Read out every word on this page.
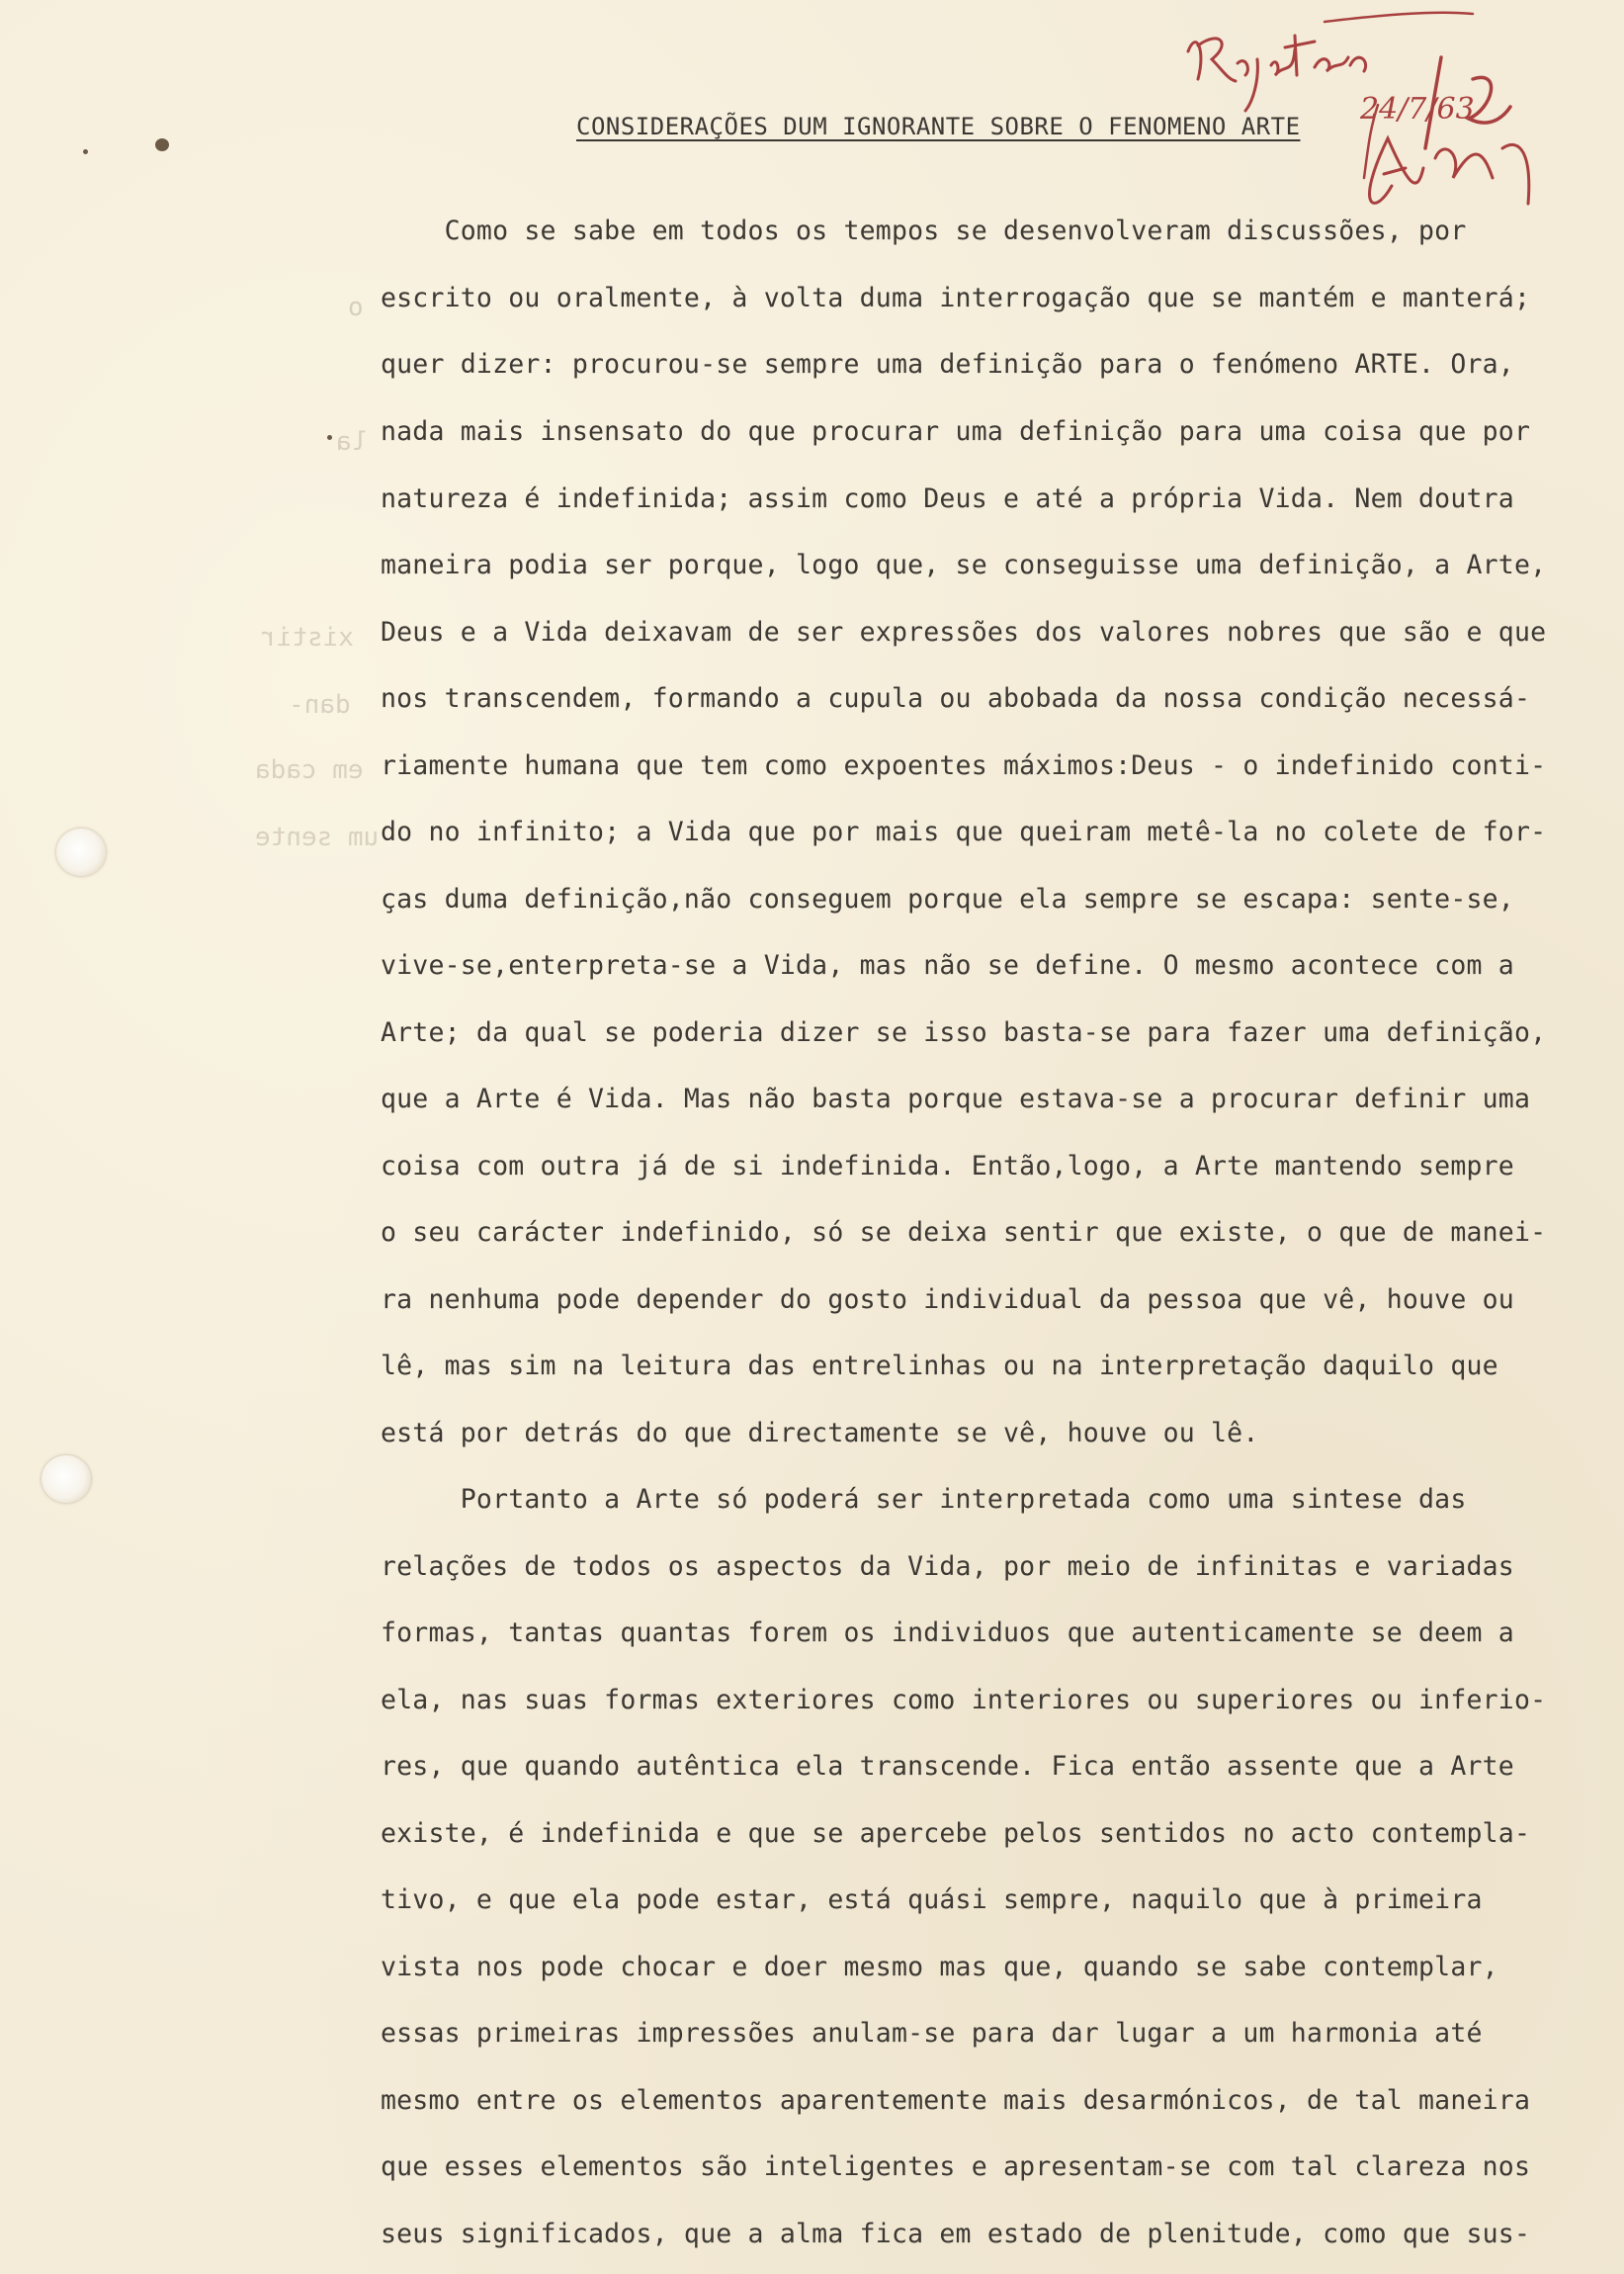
o
la
xistir
dan-
em cada
um sente
24/7/63
CONSIDERAÇÕES DUM IGNORANTE SOBRE O FENOMENO ARTE
Como se sabe em todos os tempos se desenvolveram discussões, por
escrito ou oralmente, à volta duma interrogação que se mantém e manterá;
quer dizer: procurou-se sempre uma definição para o fenómeno ARTE. Ora,
nada mais insensato do que procurar uma definição para uma coisa que por
natureza é indefinida; assim como Deus e até a própria Vida. Nem doutra
maneira podia ser porque, logo que, se conseguisse uma definição, a Arte,
Deus e a Vida deixavam de ser expressões dos valores nobres que são e que
nos transcendem, formando a cupula ou abobada da nossa condição necessá-
riamente humana que tem como expoentes máximos:Deus - o indefinido conti-
do no infinito; a Vida que por mais que queiram metê-la no colete de for-
ças duma definição,não conseguem porque ela sempre se escapa: sente-se,
vive-se,enterpreta-se a Vida, mas não se define. O mesmo acontece com a
Arte; da qual se poderia dizer se isso basta-se para fazer uma definição,
que a Arte é Vida. Mas não basta porque estava-se a procurar definir uma
coisa com outra já de si indefinida. Então,logo, a Arte mantendo sempre
o seu carácter indefinido, só se deixa sentir que existe, o que de manei-
ra nenhuma pode depender do gosto individual da pessoa que vê, houve ou
lê, mas sim na leitura das entrelinhas ou na interpretação daquilo que
está por detrás do que directamente se vê, houve ou lê.
Portanto a Arte só poderá ser interpretada como uma sintese das
relações de todos os aspectos da Vida, por meio de infinitas e variadas
formas, tantas quantas forem os individuos que autenticamente se deem a
ela, nas suas formas exteriores como interiores ou superiores ou inferio-
res, que quando autêntica ela transcende. Fica então assente que a Arte
existe, é indefinida e que se apercebe pelos sentidos no acto contempla-
tivo, e que ela pode estar, está quási sempre, naquilo que à primeira
vista nos pode chocar e doer mesmo mas que, quando se sabe contemplar,
essas primeiras impressões anulam-se para dar lugar a um harmonia até
mesmo entre os elementos aparentemente mais desarmónicos, de tal maneira
que esses elementos são inteligentes e apresentam-se com tal clareza nos
seus significados, que a alma fica em estado de plenitude, como que sus-
